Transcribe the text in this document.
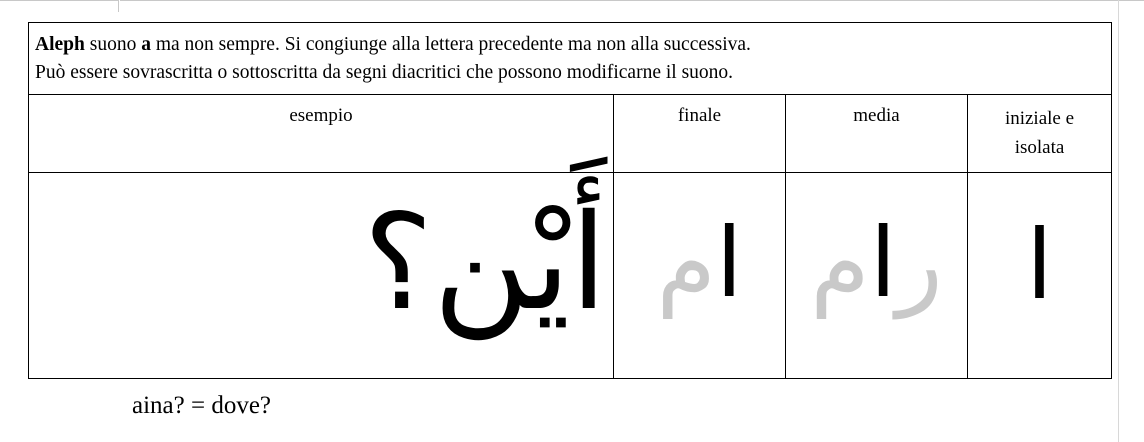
Aleph suono a ma non sempre. Si congiunge alla lettera precedente ma non alla successiva.
Può essere sovrascritta o sottoscritta da segni diacritici che possono modificarne il suono.
esempio	finale	media	iniziale e
isolata
أَيْن؟	ام	رام	ا
aina? = dove?
